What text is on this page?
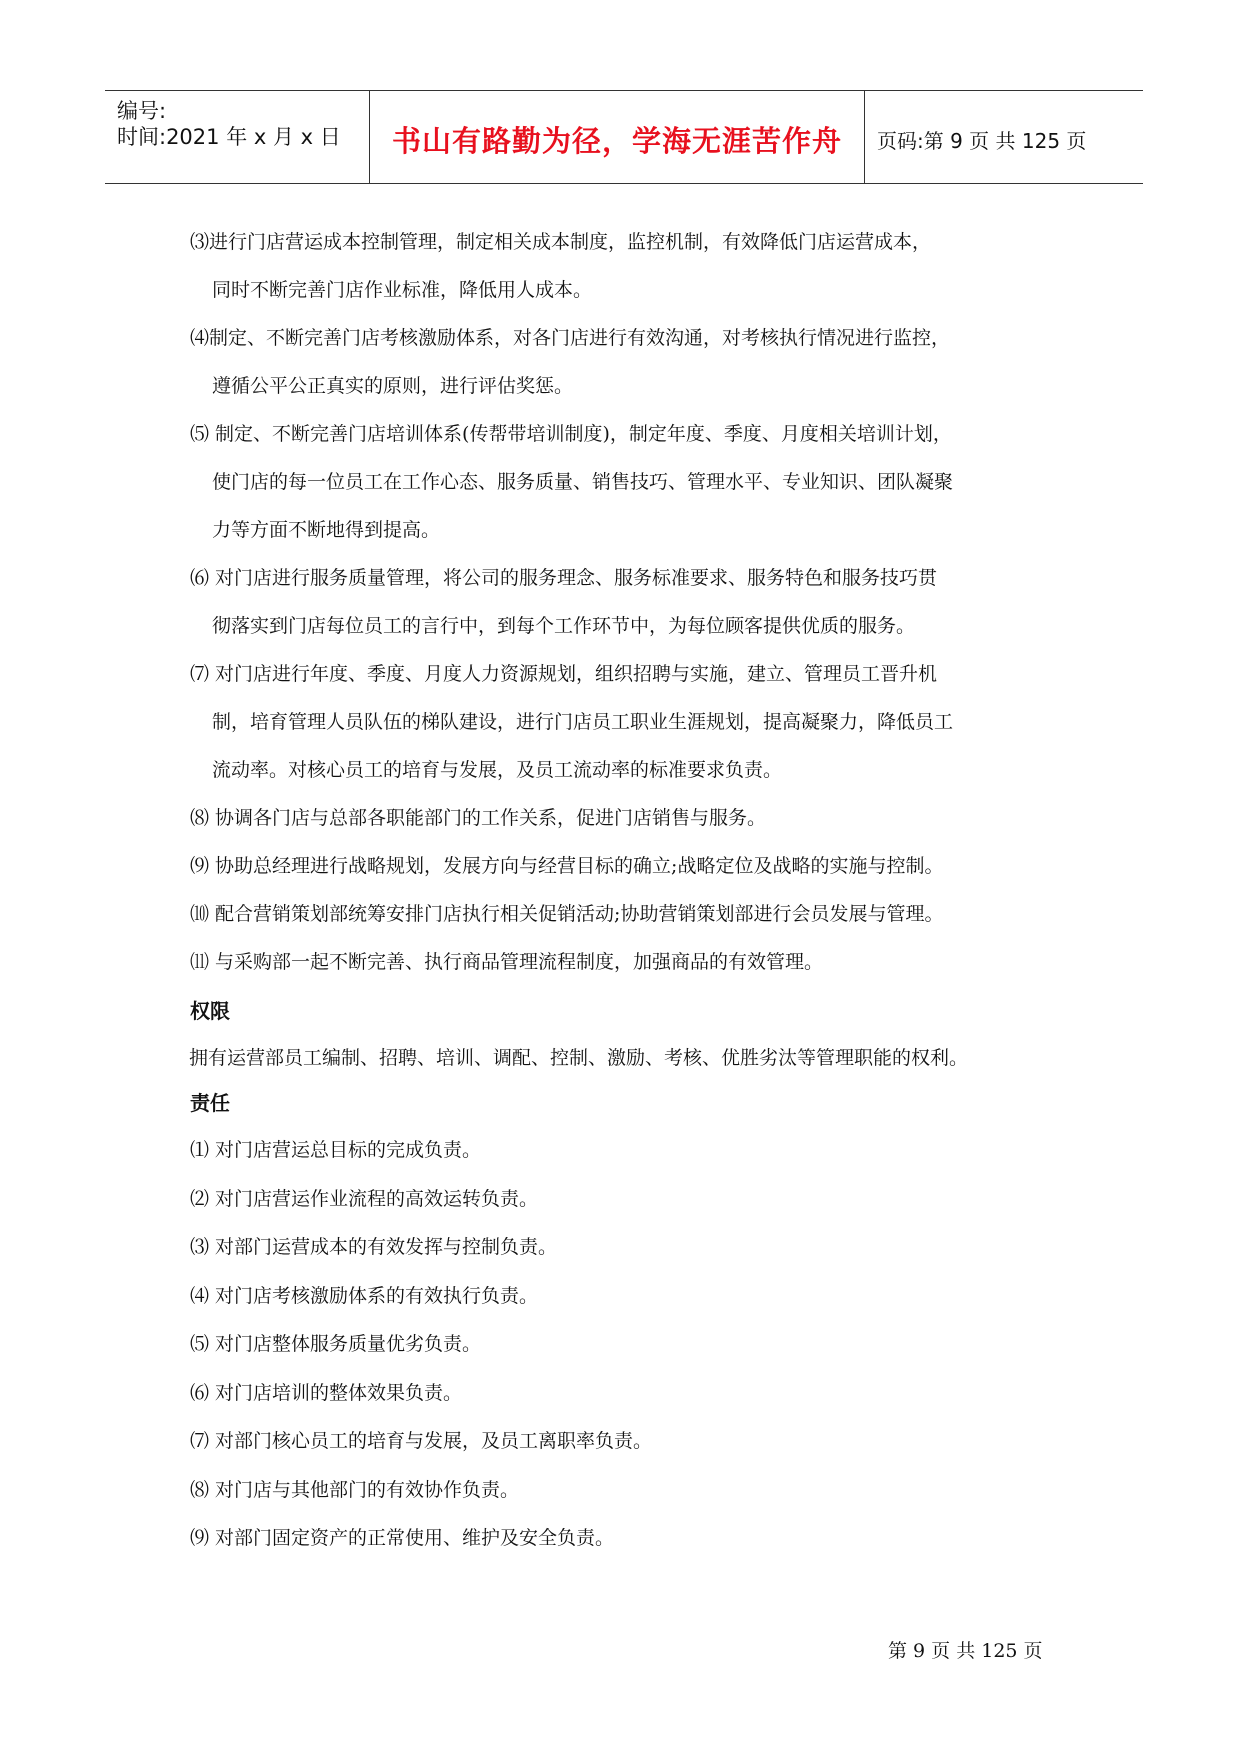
编号:
时间:2021 年 x 月 x 日	书山有路勤为径，学海无涯苦作舟	页码:第 9 页 共 125 页
⑶进行门店营运成本控制管理，制定相关成本制度，监控机制，有效降低门店运营成本，
同时不断完善门店作业标准，降低用人成本。
⑷制定、不断完善门店考核激励体系，对各门店进行有效沟通，对考核执行情况进行监控，
遵循公平公正真实的原则，进行评估奖惩。
⑸ 制定、不断完善门店培训体系(传帮带培训制度)，制定年度、季度、月度相关培训计划，
使门店的每一位员工在工作心态、服务质量、销售技巧、管理水平、专业知识、团队凝聚
力等方面不断地得到提高。
⑹ 对门店进行服务质量管理，将公司的服务理念、服务标准要求、服务特色和服务技巧贯
彻落实到门店每位员工的言行中，到每个工作环节中，为每位顾客提供优质的服务。
⑺ 对门店进行年度、季度、月度人力资源规划，组织招聘与实施，建立、管理员工晋升机
制，培育管理人员队伍的梯队建设，进行门店员工职业生涯规划，提高凝聚力，降低员工
流动率。对核心员工的培育与发展，及员工流动率的标准要求负责。
⑻ 协调各门店与总部各职能部门的工作关系，促进门店销售与服务。
⑼ 协助总经理进行战略规划，发展方向与经营目标的确立;战略定位及战略的实施与控制。
⑽ 配合营销策划部统筹安排门店执行相关促销活动;协助营销策划部进行会员发展与管理。
⑾ 与采购部一起不断完善、执行商品管理流程制度，加强商品的有效管理。
权限
拥有运营部员工编制、招聘、培训、调配、控制、激励、考核、优胜劣汰等管理职能的权利。
责任
⑴ 对门店营运总目标的完成负责。
⑵ 对门店营运作业流程的高效运转负责。
⑶ 对部门运营成本的有效发挥与控制负责。
⑷ 对门店考核激励体系的有效执行负责。
⑸ 对门店整体服务质量优劣负责。
⑹ 对门店培训的整体效果负责。
⑺ 对部门核心员工的培育与发展，及员工离职率负责。
⑻ 对门店与其他部门的有效协作负责。
⑼ 对部门固定资产的正常使用、维护及安全负责。
第 9 页 共 125 页
